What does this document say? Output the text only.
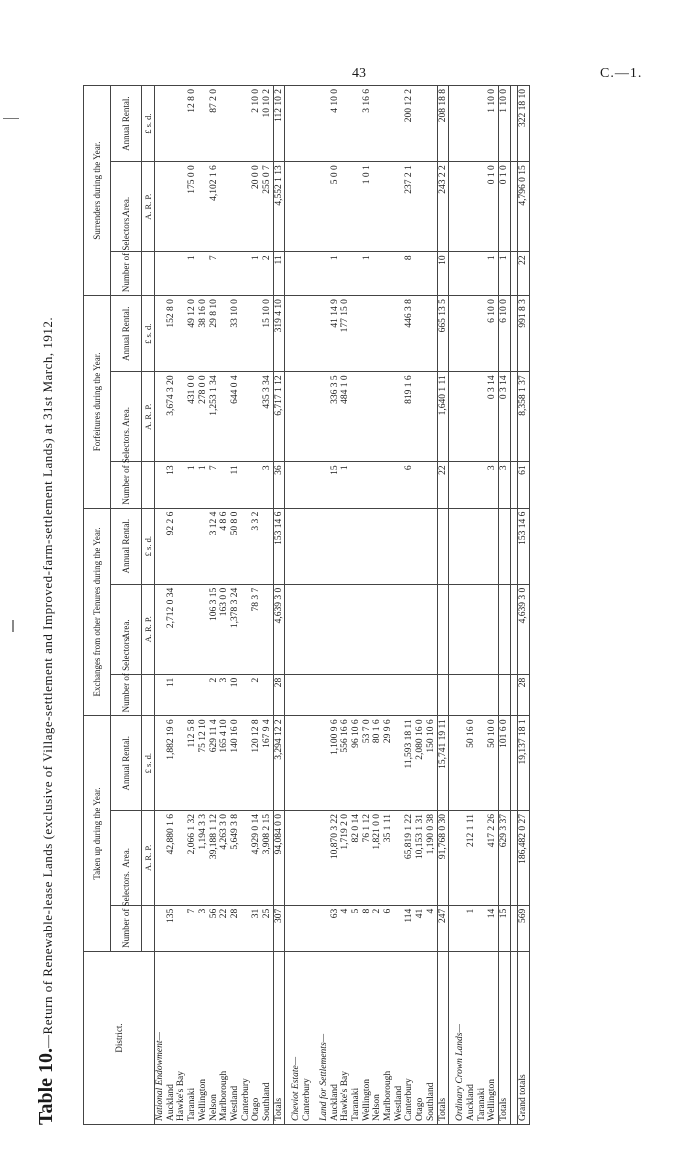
43	C.—1.
Table 10.—Return of Renewable-lease Lands (exclusive of Village-settlement and Improved-farm-settlement Lands) at 31st March, 1912.	District.	Taken up during the Year.			Exchanges from other Tenures during the Year.			Forfeitures during the Year.			Surrenders during the Year.		
	Number of Selectors.	Area.	Annual Rental.	Number of Selectors.	Area.	Annual Rental.	Number of Selectors.	Area.	Annual Rental.	Number of Selectors.	Area.	Annual Rental.
		A. R. P.	£ s. d.		A. R. P.	£ s. d.		A. R. P.	£ s. d.		A. R. P.	£ s. d.
National Endowment—												
Auckland	135	42,880 1 6	1,882 19 6	11	2,712 0 34	92 2 6	13	3,674 3 20	152 8 0			
Hawke's Bay												
Taranaki	7	2,066 1 32	112 5 8				1	431 0 0	49 12 0	1	175 0 0	12 8 0
Wellington	3	1,194 3 3	75 12 10				1	278 0 0	38 16 0			
Nelson	56	39,188 1 12	629 11 4	2	106 3 15	3 12 4	7	1,253 1 34	29 8 10	7	4,102 1 6	87 2 0
Marlborough	22	4,263 3 0	165 4 10	3	163 0 0	4 8 6						
Westland	28	5,649 3 8	140 16 0	10	1,378 3 24	50 8 0	11	644 0 4	33 10 0			
Canterbury												
Otago	31	4,929 0 14	120 12 8	2	78 3 7	3 3 2				1	20 0 0	2 10 0
Southland	25	3,908 2 15	167 9 4				3	435 3 34	15 10 0	2	255 0 7	10 10 2
Totals	307	94,084 0 0	3,294 12 2	28	4,639 3 0	153 14 6	36	6,717 1 12	319 4 10	11	4,552 1 13	112 10 2

Cheviot Estate—												
Canterbury												

Land for Settlements—												
Auckland	63	10,870 3 22	1,100 9 6				15	336 3 5	41 14 9	1	5 0 0	4 10 0
Hawke's Bay	4	1,719 2 0	556 16 6				1	484 1 0	177 15 0			
Taranaki	5	82 0 14	96 10 6									
Wellington	8	76 1 12	53 7 0							1	1 0 1	3 16 6
Nelson	2	1,821 0 0	80 1 6									
Marlborough	6	35 1 11	29 9 6									
Westland												
Canterbury	114	65,819 1 22	11,593 18 11				6	819 1 6	446 3 8	8	237 2 1	200 12 2
Otago	41	10,153 1 31	2,080 16 0									
Southland	4	1,190 0 38	150 10 6									
Totals	247	91,768 0 30	15,741 19 11				22	1,640 1 11	665 13 5	10	243 2 2	208 18 8

Ordinary Crown Lands—												
Auckland	1	212 1 11	50 16 0									
Taranaki												
Wellington	14	417 2 26	50 10 0				3	0 3 14	6 10 0	1	0 1 0	1 10 0
Totals	15	629 3 37	101 6 0				3	0 3 14	6 10 0	1	0 1 0	1 10 0

Grand totals	569	186,482 0 27	19,137 18 1	28	4,639 3 0	153 14 6	61	8,358 1 37	991 8 3	22	4,796 0 15	322 18 10
